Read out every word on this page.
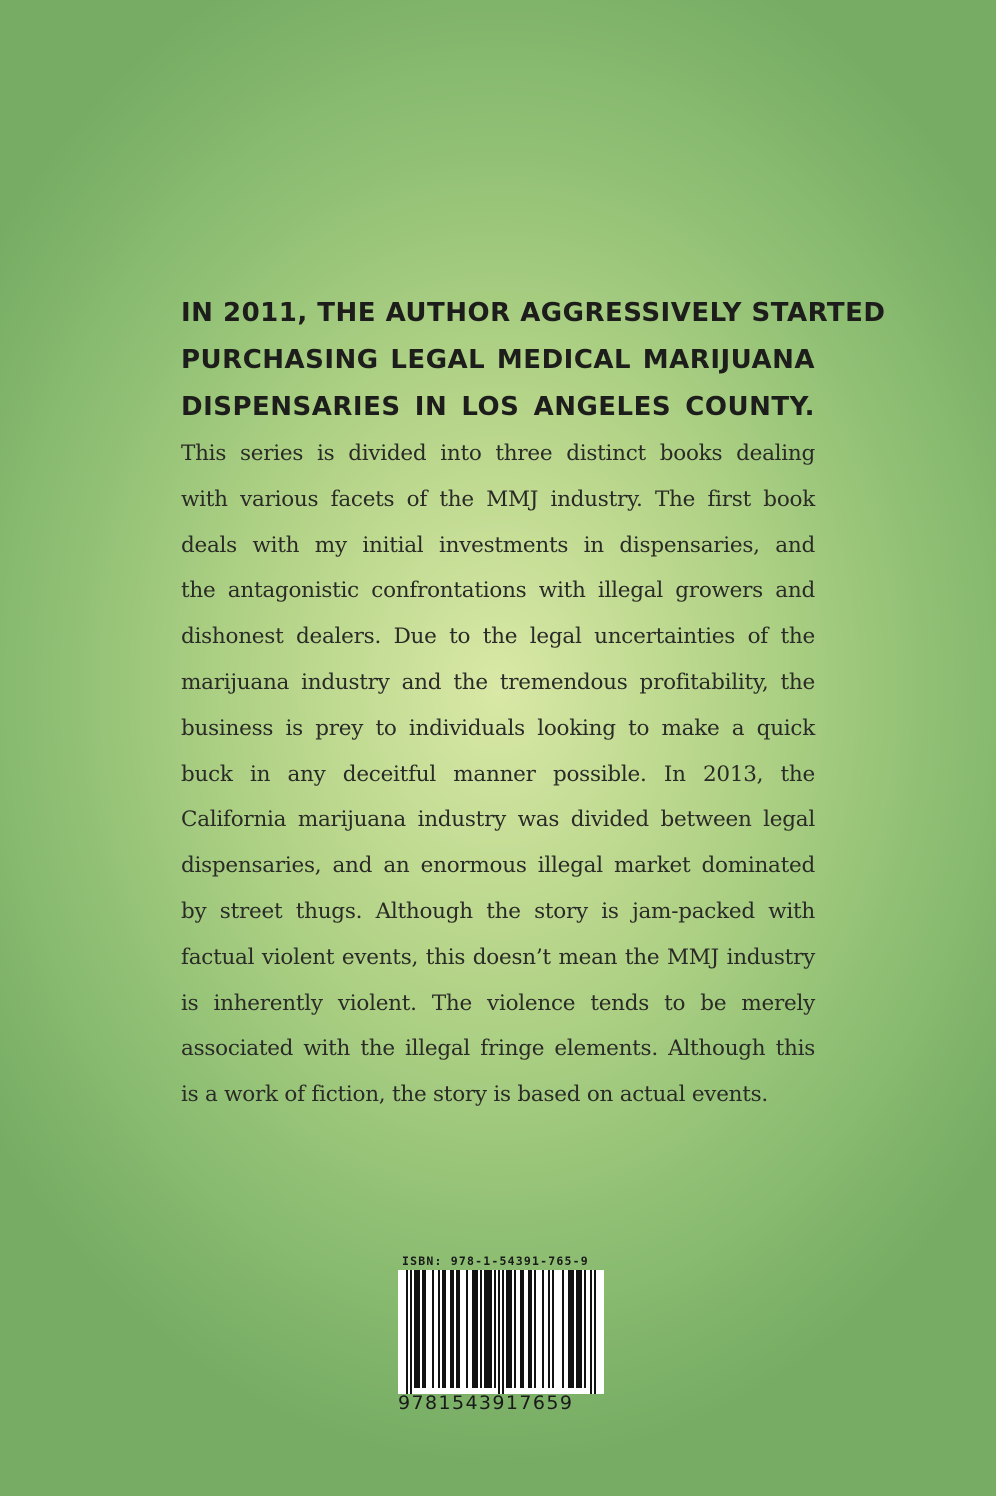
IN 2011, THE AUTHOR AGGRESSIVELY STARTED
PURCHASING LEGAL MEDICAL MARIJUANA
DISPENSARIES IN LOS ANGELES COUNTY.
This series is divided into three distinct books dealing
with various facets of the MMJ industry. The first book
deals with my initial investments in dispensaries, and
the antagonistic confrontations with illegal growers and
dishonest dealers. Due to the legal uncertainties of the
marijuana industry and the tremendous profitability, the
business is prey to individuals looking to make a quick
buck in any deceitful manner possible. In 2013, the
California marijuana industry was divided between legal
dispensaries, and an enormous illegal market dominated
by street thugs. Although the story is jam-packed with
factual violent events, this doesn’t mean the MMJ industry
is inherently violent. The violence tends to be merely
associated with the illegal fringe elements. Although this
is a work of fiction, the story is based on actual events.
ISBN: 978-1-54391-765-9
9781543917659
